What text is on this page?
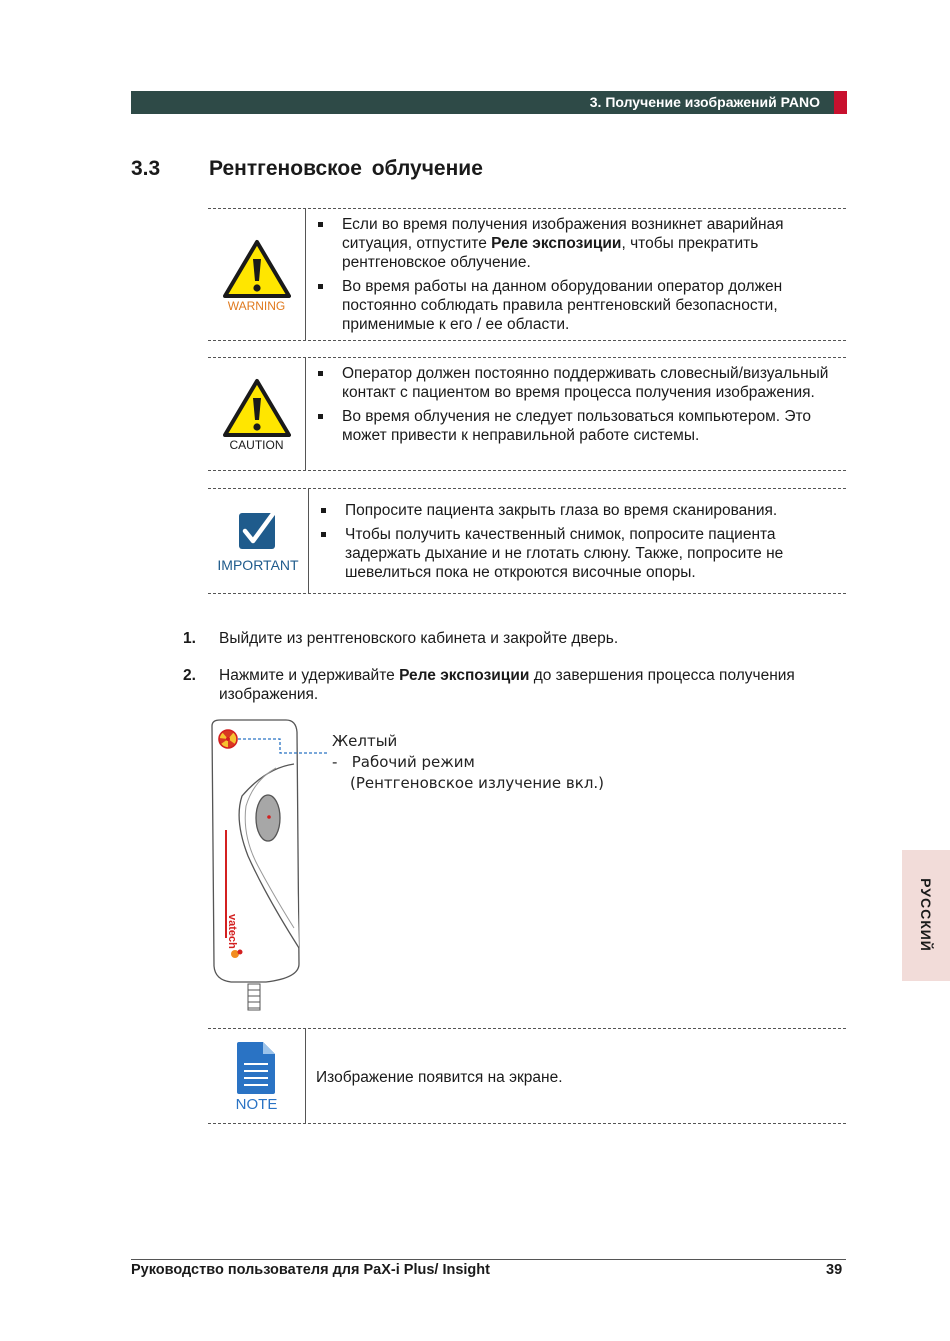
3. Получение изображений PANO
3.3 Рентгеновское облучение
WARNING
Если во время получения изображения возникнет аварийная ситуация, отпустите Реле экспозиции, чтобы прекратить рентгеновское облучение.
Во время работы на данном оборудовании оператор должен постоянно соблюдать правила рентгеновский безопасности, применимые к его / ее области.
CAUTION
Оператор должен постоянно поддерживать словесный/визуальный контакт с пациентом во время процесса получения изображения.
Во время облучения не следует пользоваться компьютером. Это может привести к неправильной работе системы.
IMPORTANT
Попросите пациента закрыть глаза во время сканирования.
Чтобы получить качественный снимок, попросите пациента задержать дыхание и не глотать слюну. Также, попросите не шевелиться пока не откроются височные опоры.
1. Выйдите из рентгеновского кабинета и закройте дверь.
2. Нажмите и удерживайте Реле экспозиции до завершения процесса получения изображения.
vatech
Желтый
-   Рабочий режим
(Рентгеновское излучение вкл.)
NOTE
Изображение появится на экране.
РУССКИЙ
Руководство пользователя для PaX-i Plus/ Insight	39
